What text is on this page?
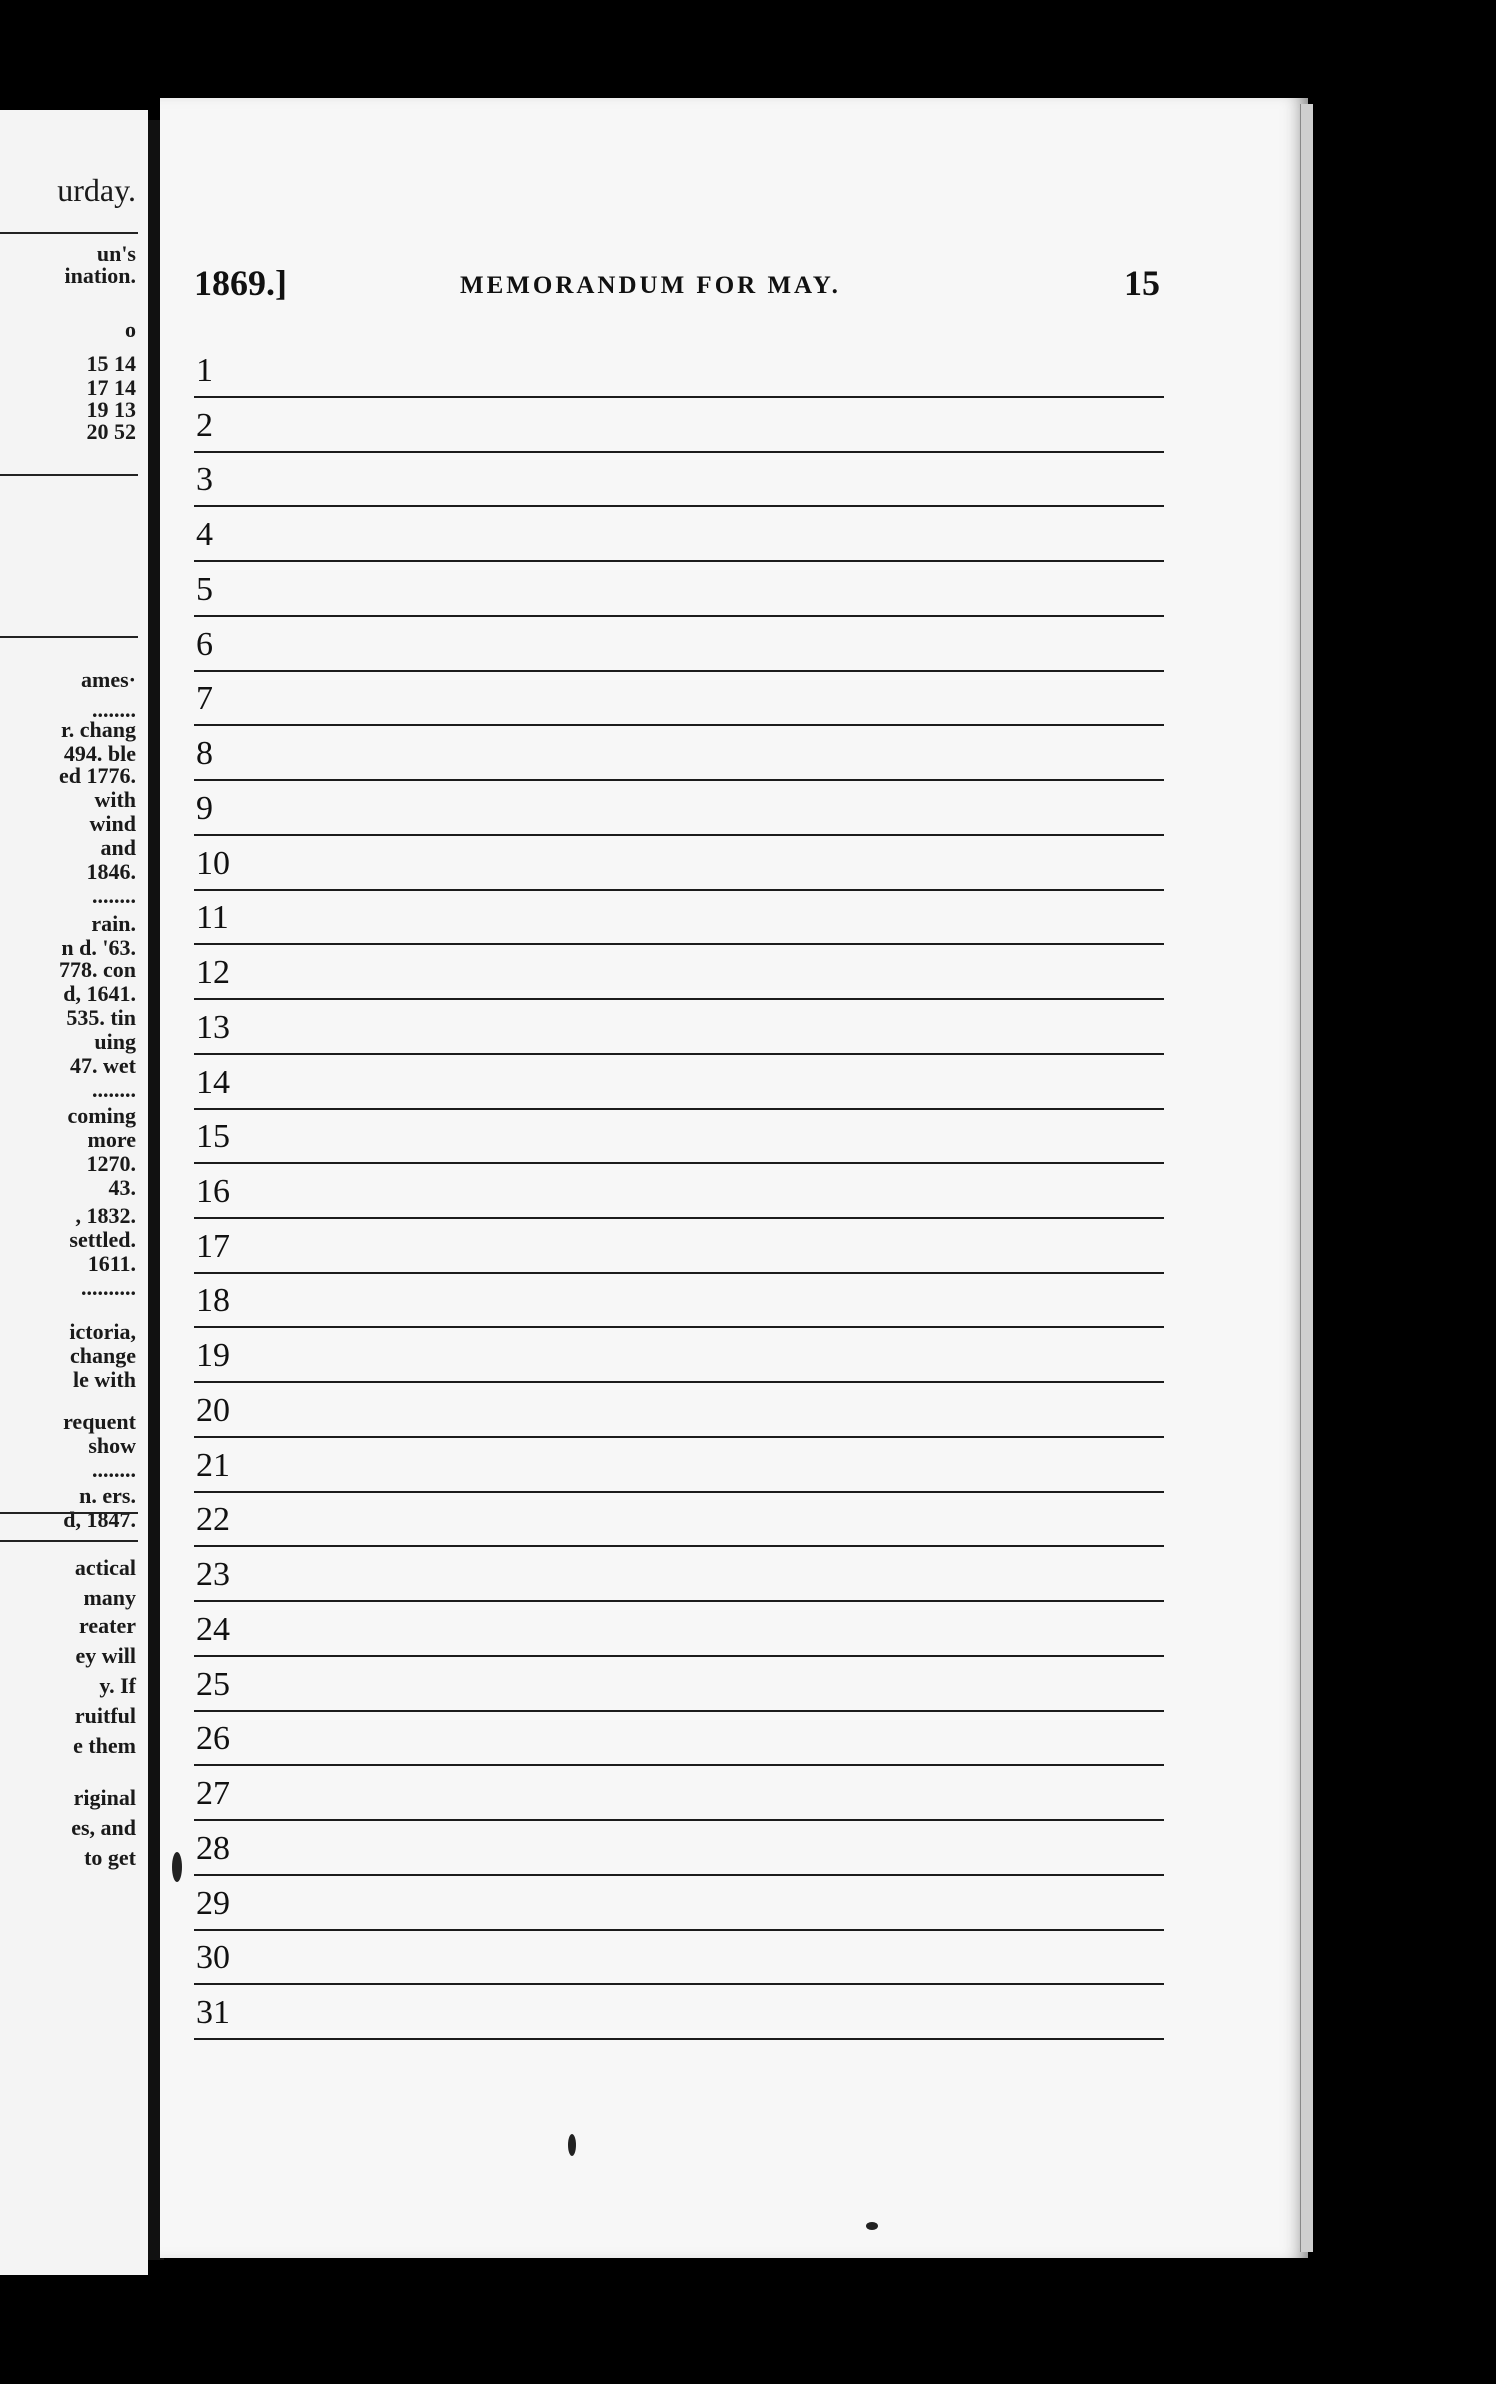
urday.
un's
ination.
o
15 14
17 14
19 13
20 52
ames·
........
r. chang
494. ble
ed 1776.
with
wind
and
1846.
........
rain.
n d. '63.
778. con
d, 1641.
535. tin
uing
47. wet
........
coming
more
1270.
43.
, 1832.
settled.
1611.
..........
ictoria,
change
le with
requent
show
........
n. ers.
d, 1847.
actical
many
reater
ey will
y. If
ruitful
e them
riginal
es, and
to get
1869.]	MEMORANDUM FOR MAY.	15
1
2
3
4
5
6
7
8
9
10
11
12
13
14
15
16
17
18
19
20
21
22
23
24
25
26
27
28
29
30
31
